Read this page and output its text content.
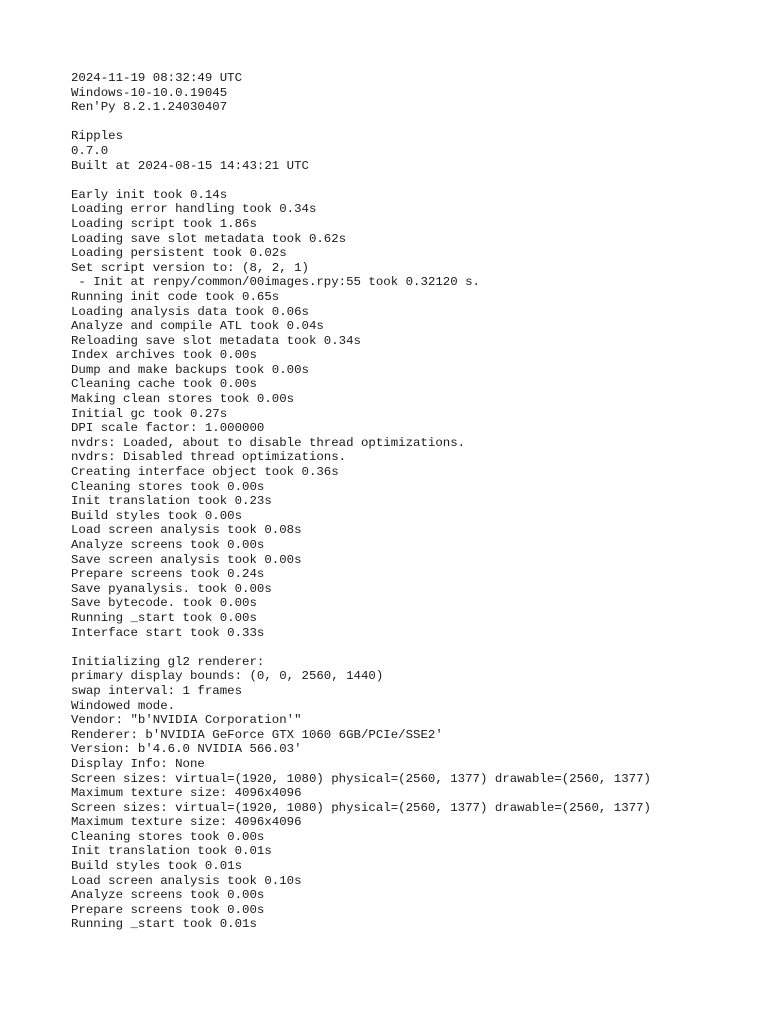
2024-11-19 08:32:49 UTC
Windows-10-10.0.19045
Ren'Py 8.2.1.24030407
Ripples
0.7.0
Built at 2024-08-15 14:43:21 UTC
Early init took 0.14s
Loading error handling took 0.34s
Loading script took 1.86s
Loading save slot metadata took 0.62s
Loading persistent took 0.02s
Set script version to: (8, 2, 1)
- Init at renpy/common/00images.rpy:55 took 0.32120 s.
Running init code took 0.65s
Loading analysis data took 0.06s
Analyze and compile ATL took 0.04s
Reloading save slot metadata took 0.34s
Index archives took 0.00s
Dump and make backups took 0.00s
Cleaning cache took 0.00s
Making clean stores took 0.00s
Initial gc took 0.27s
DPI scale factor: 1.000000
nvdrs: Loaded, about to disable thread optimizations.
nvdrs: Disabled thread optimizations.
Creating interface object took 0.36s
Cleaning stores took 0.00s
Init translation took 0.23s
Build styles took 0.00s
Load screen analysis took 0.08s
Analyze screens took 0.00s
Save screen analysis took 0.00s
Prepare screens took 0.24s
Save pyanalysis. took 0.00s
Save bytecode. took 0.00s
Running _start took 0.00s
Interface start took 0.33s
Initializing gl2 renderer:
primary display bounds: (0, 0, 2560, 1440)
swap interval: 1 frames
Windowed mode.
Vendor: "b'NVIDIA Corporation'"
Renderer: b'NVIDIA GeForce GTX 1060 6GB/PCIe/SSE2'
Version: b'4.6.0 NVIDIA 566.03'
Display Info: None
Screen sizes: virtual=(1920, 1080) physical=(2560, 1377) drawable=(2560, 1377)
Maximum texture size: 4096x4096
Screen sizes: virtual=(1920, 1080) physical=(2560, 1377) drawable=(2560, 1377)
Maximum texture size: 4096x4096
Cleaning stores took 0.00s
Init translation took 0.01s
Build styles took 0.01s
Load screen analysis took 0.10s
Analyze screens took 0.00s
Prepare screens took 0.00s
Running _start took 0.01s
